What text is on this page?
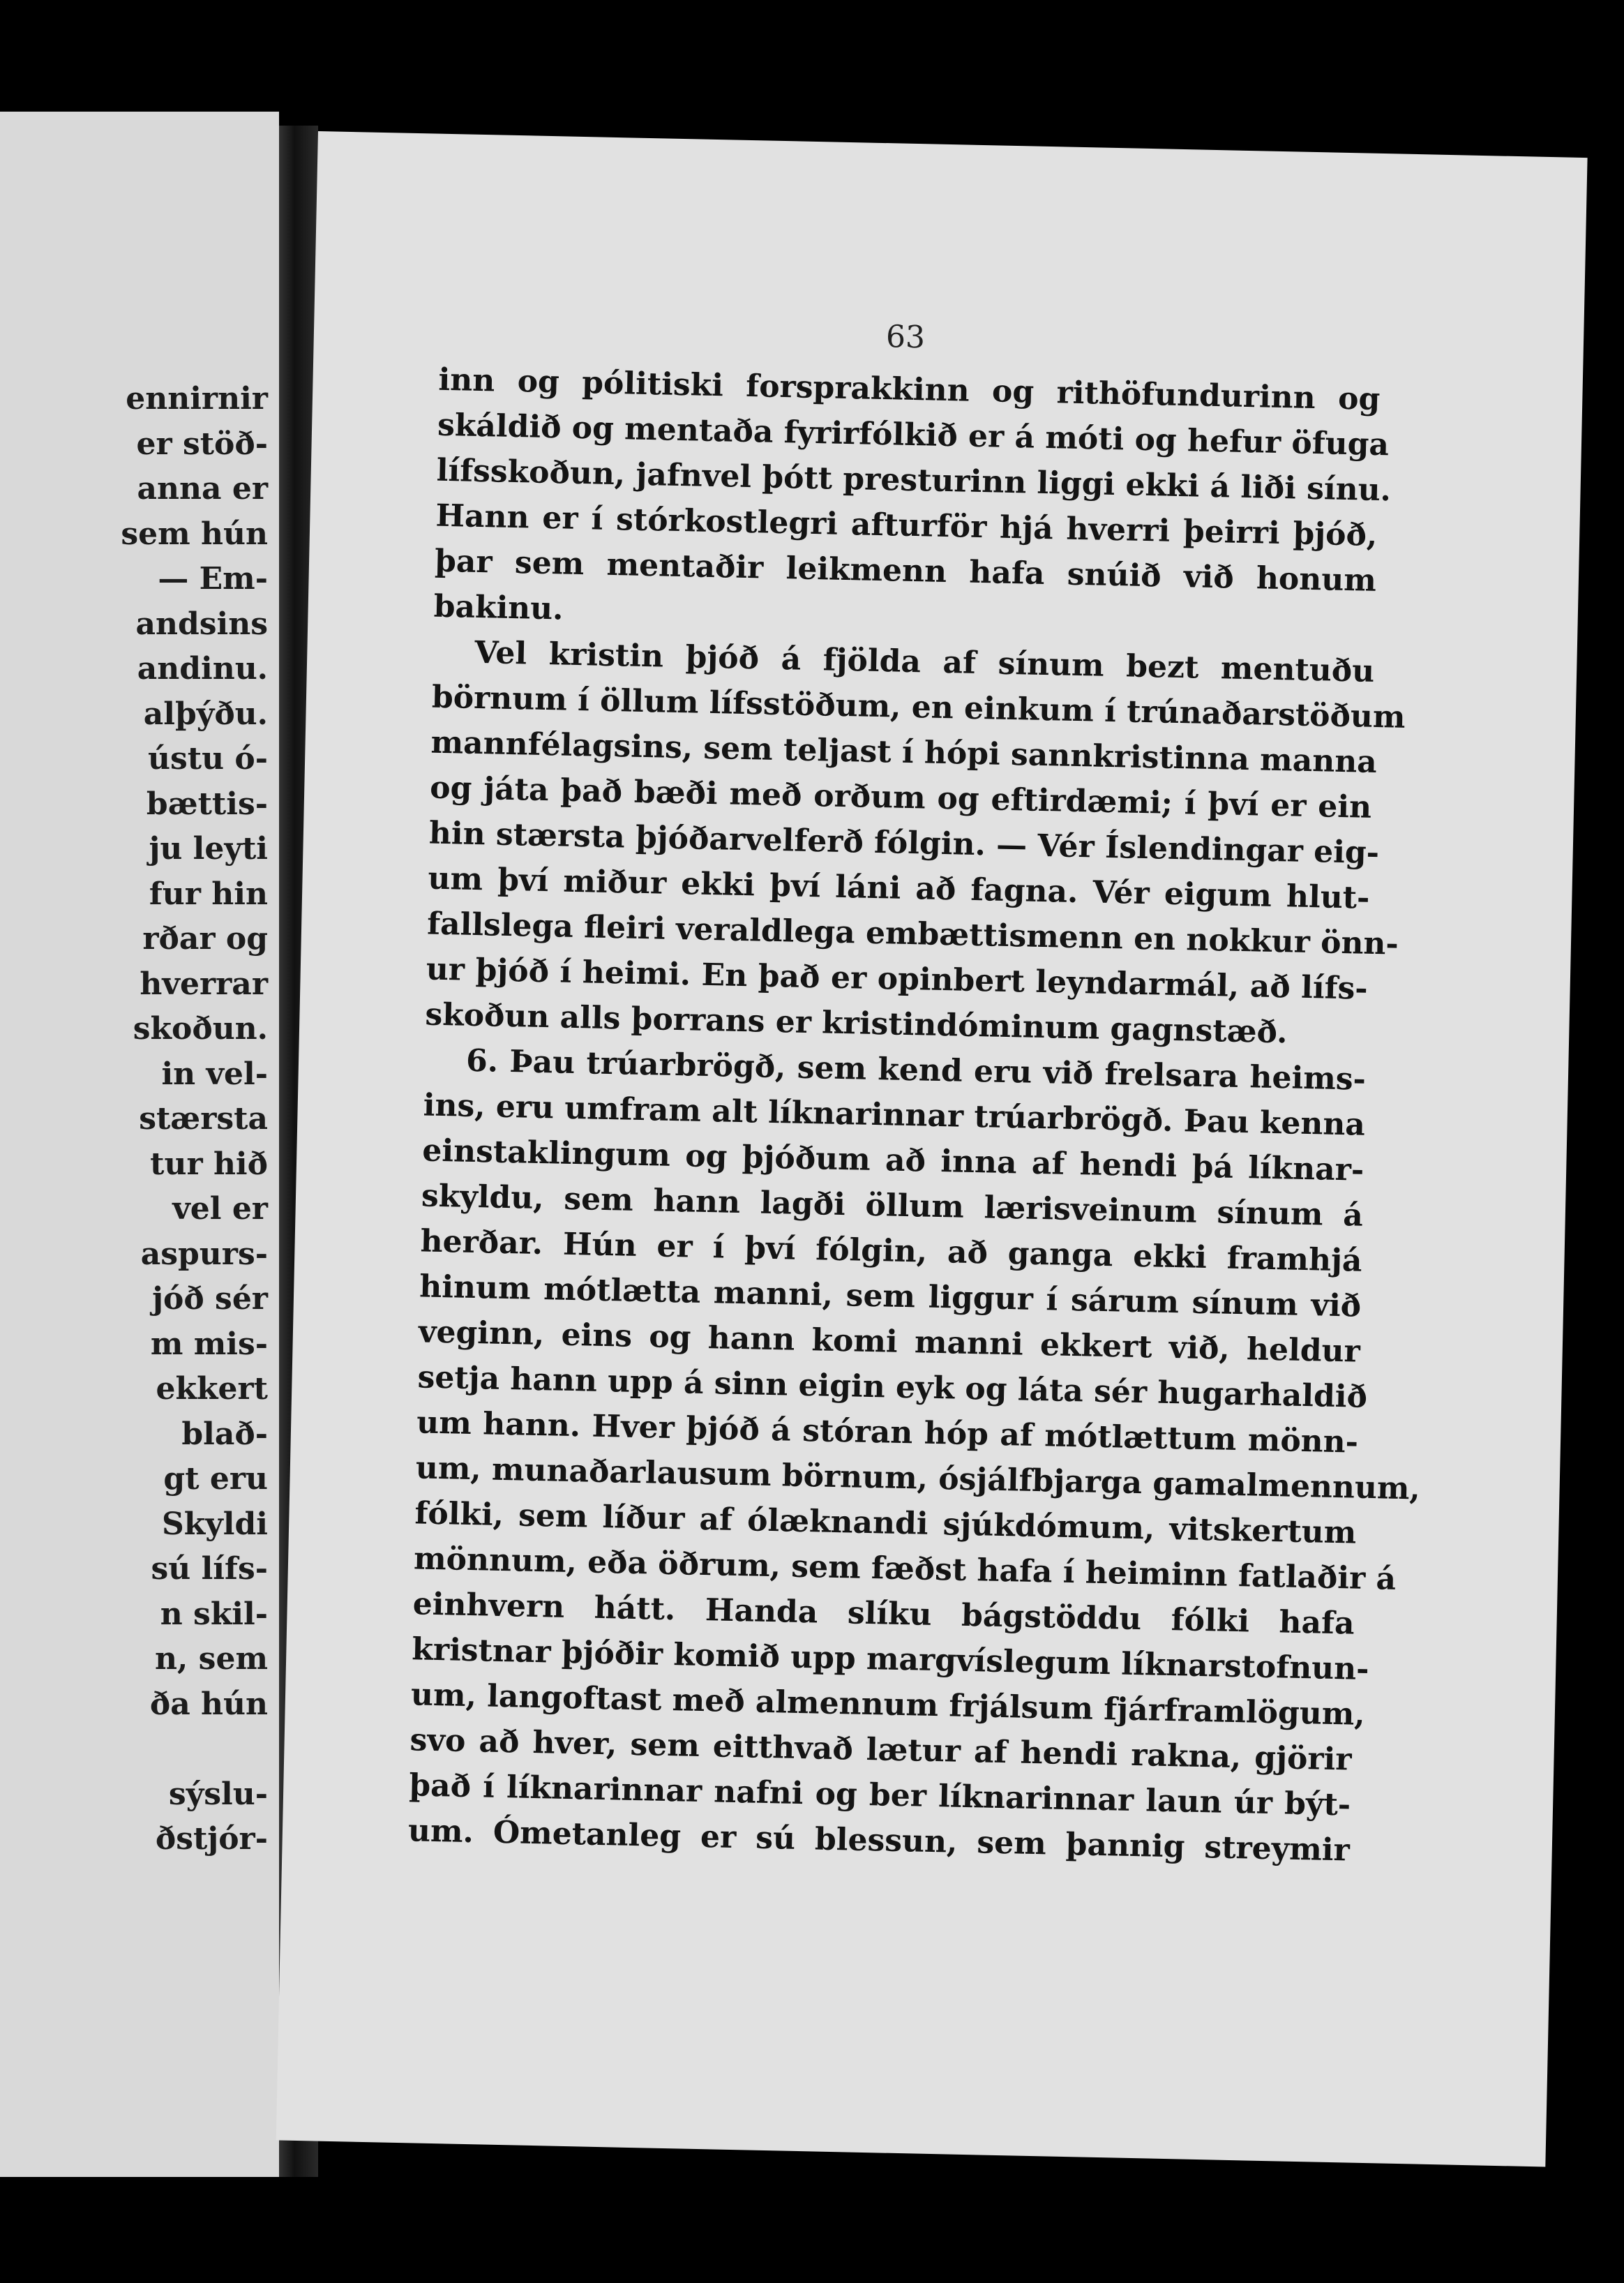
ennirnir
er stöð-
anna er
sem hún
— Em-
andsins
andinu.
alþýðu.
ústu ó-
bættis-
ju leyti
fur hin
rðar og
hverrar
skoðun.
in vel-
stærsta
tur hið
vel er
aspurs-
jóð sér
m mis-
ekkert
blað-
gt eru
Skyldi
sú lífs-
n skil-
n, sem
ða hún
sýslu-
ðstjór-
63
inn og pólitiski forsprakkinn og rithöfundurinn og
skáldið og mentaða fyrirfólkið er á móti og hefur öfuga
lífsskoðun, jafnvel þótt presturinn liggi ekki á liði sínu.
Hann er í stórkostlegri afturför hjá hverri þeirri þjóð,
þar sem mentaðir leikmenn hafa snúið við honum
bakinu.
Vel kristin þjóð á fjölda af sínum bezt mentuðu
börnum í öllum lífsstöðum, en einkum í trúnaðarstöðum
mannfélagsins, sem teljast í hópi sannkristinna manna
og játa það bæði með orðum og eftirdæmi; í því er ein
hin stærsta þjóðarvelferð fólgin. — Vér Íslendingar eig-
um því miður ekki því láni að fagna. Vér eigum hlut-
fallslega fleiri veraldlega embættismenn en nokkur önn-
ur þjóð í heimi. En það er opinbert leyndarmál, að lífs-
skoðun alls þorrans er kristindóminum gagnstæð.
6. Þau trúarbrögð, sem kend eru við frelsara heims-
ins, eru umfram alt líknarinnar trúarbrögð. Þau kenna
einstaklingum og þjóðum að inna af hendi þá líknar-
skyldu, sem hann lagði öllum lærisveinum sínum á
herðar. Hún er í því fólgin, að ganga ekki framhjá
hinum mótlætta manni, sem liggur í sárum sínum við
veginn, eins og hann komi manni ekkert við, heldur
setja hann upp á sinn eigin eyk og láta sér hugarhaldið
um hann. Hver þjóð á stóran hóp af mótlættum mönn-
um, munaðarlausum börnum, ósjálfbjarga gamalmennum,
fólki, sem líður af ólæknandi sjúkdómum, vitskertum
mönnum, eða öðrum, sem fæðst hafa í heiminn fatlaðir á
einhvern hátt. Handa slíku bágstöddu fólki hafa
kristnar þjóðir komið upp margvíslegum líknarstofnun-
um, langoftast með almennum frjálsum fjárframlögum,
svo að hver, sem eitthvað lætur af hendi rakna, gjörir
það í líknarinnar nafni og ber líknarinnar laun úr být-
um. Ómetanleg er sú blessun, sem þannig streymir
